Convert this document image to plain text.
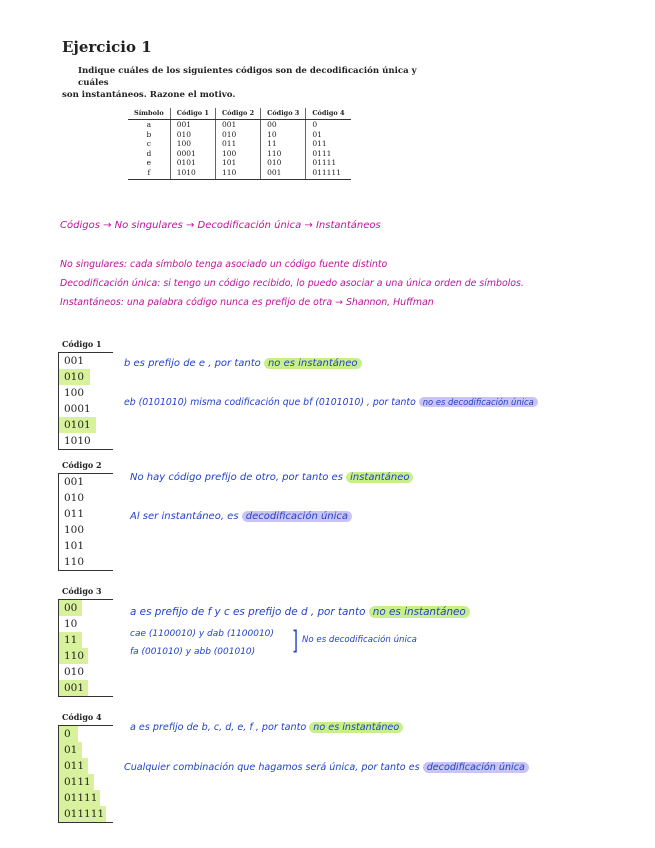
Ejercicio 1
Indique cuáles de los siguientes códigos son de decodificación única y cuáles
son instantáneos. Razone el motivo.
Símbolo	Código 1	Código 2	Código 3	Código 4
a	001	001	00	0
b	010	010	10	01
c	100	011	11	011
d	0001	100	110	0111
e	0101	101	010	01111
f	1010	110	001	011111
Códigos → No singulares → Decodificación única → Instantáneos
No singulares: cada símbolo tenga asociado un código fuente distinto
Decodificación única: si tengo un código recibido, lo puedo asociar a una única orden de símbolos.
Instantáneos: una palabra código nunca es prefijo de otra → Shannon, Huffman
Código 1
001
010
100
0001
0101
1010
b es prefijo de e , por tanto no es instantáneo
eb (0101010) misma codificación que bf (0101010) , por tanto no es decodificación única
Código 2
001
010
011
100
101
110
No hay código prefijo de otro, por tanto es instantáneo
Al ser instantáneo, es decodificación única
Código 3
00
10
11
110
010
001
a es prefijo de f y c es prefijo de d , por tanto no es instantáneo
cae (1100010) y dab (1100010)
fa (001010) y abb (001010) ] No es decodificación única
Código 4
0
01
011
0111
01111
011111
a es prefijo de b, c, d, e, f , por tanto no es instantáneo
Cualquier combinación que hagamos será única, por tanto es decodificación única
